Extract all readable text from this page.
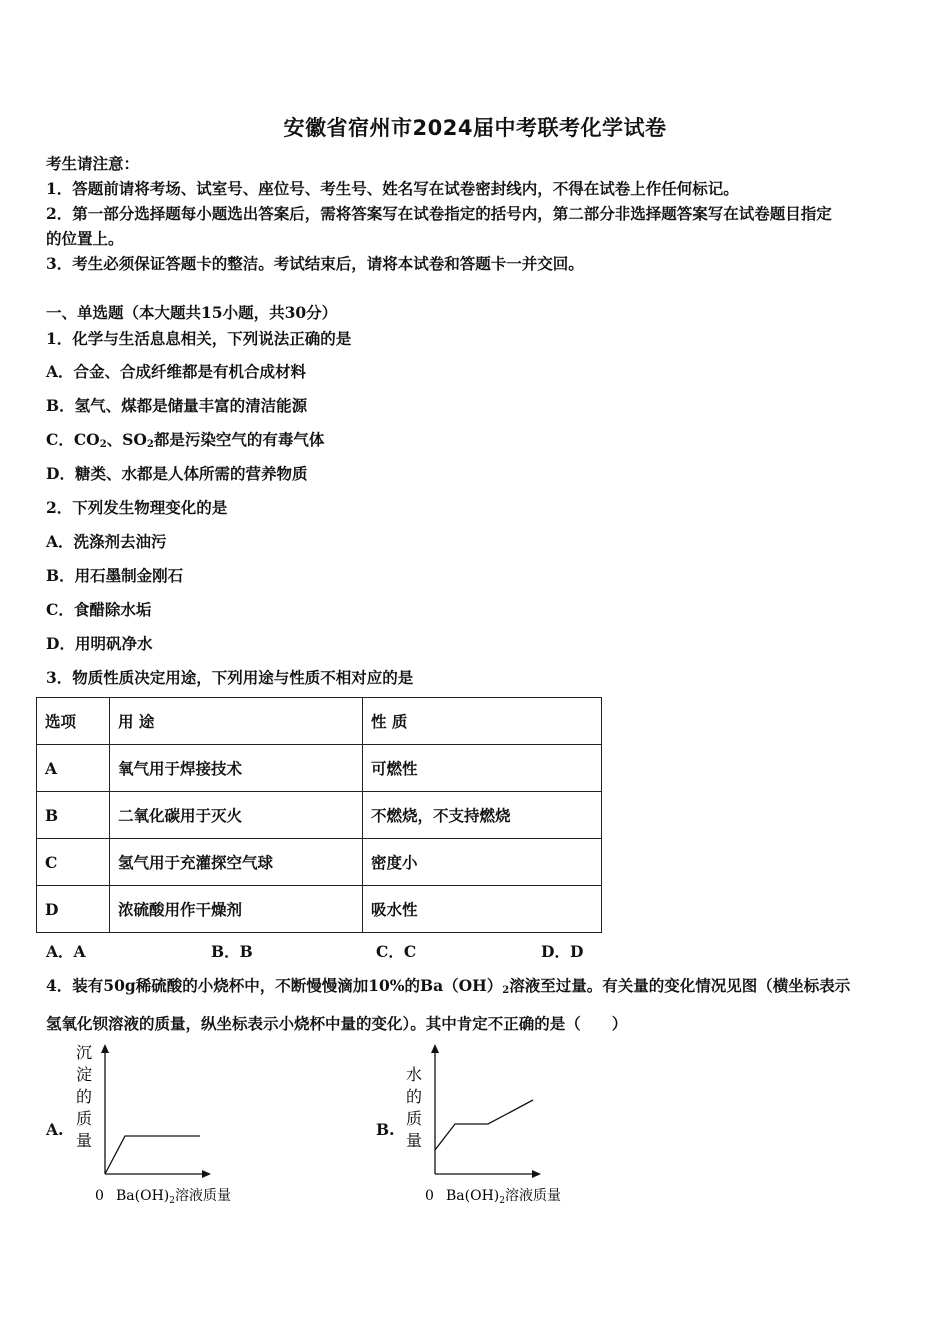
安徽省宿州市2024届中考联考化学试卷
考生请注意：
1．答题前请将考场、试室号、座位号、考生号、姓名写在试卷密封线内，不得在试卷上作任何标记。
2．第一部分选择题每小题选出答案后，需将答案写在试卷指定的括号内，第二部分非选择题答案写在试卷题目指定
的位置上。
3．考生必须保证答题卡的整洁。考试结束后，请将本试卷和答题卡一并交回。
一、单选题（本大题共15小题，共30分）
1．化学与生活息息相关，下列说法正确的是
A．合金、合成纤维都是有机合成材料
B．氢气、煤都是储量丰富的清洁能源
C．$CO_2$、$SO_2$都是污染空气的有毒气体
D．糖类、水都是人体所需的营养物质
2．下列发生物理变化的是
A．洗涤剂去油污
B．用石墨制金刚石
C．食醋除水垢
D．用明矾净水
3．物质性质决定用途，下列用途与性质不相对应的是
选项	用 途	性 质
A	氧气用于焊接技术	可燃性
B	二氧化碳用于灭火	不燃烧，不支持燃烧
C	氢气用于充灌探空气球	密度小
D	浓硫酸用作干燥剂	吸水性
A．A	B．B	C．C	D．D
4．装有50g稀硫酸的小烧杯中，不断慢慢滴加10%的$Ba(OH)_2$溶液至过量。有关量的变化情况见图（横坐标表示
氢氧化钡溶液的质量，纵坐标表示小烧杯中量的变化）。其中肯定不正确的是（　　）
A.
沉
淀
的
质
量
0 $Ba(OH)_2$溶液质量
B.
水
的
质
量
0 $Ba(OH)_2$溶液质量
